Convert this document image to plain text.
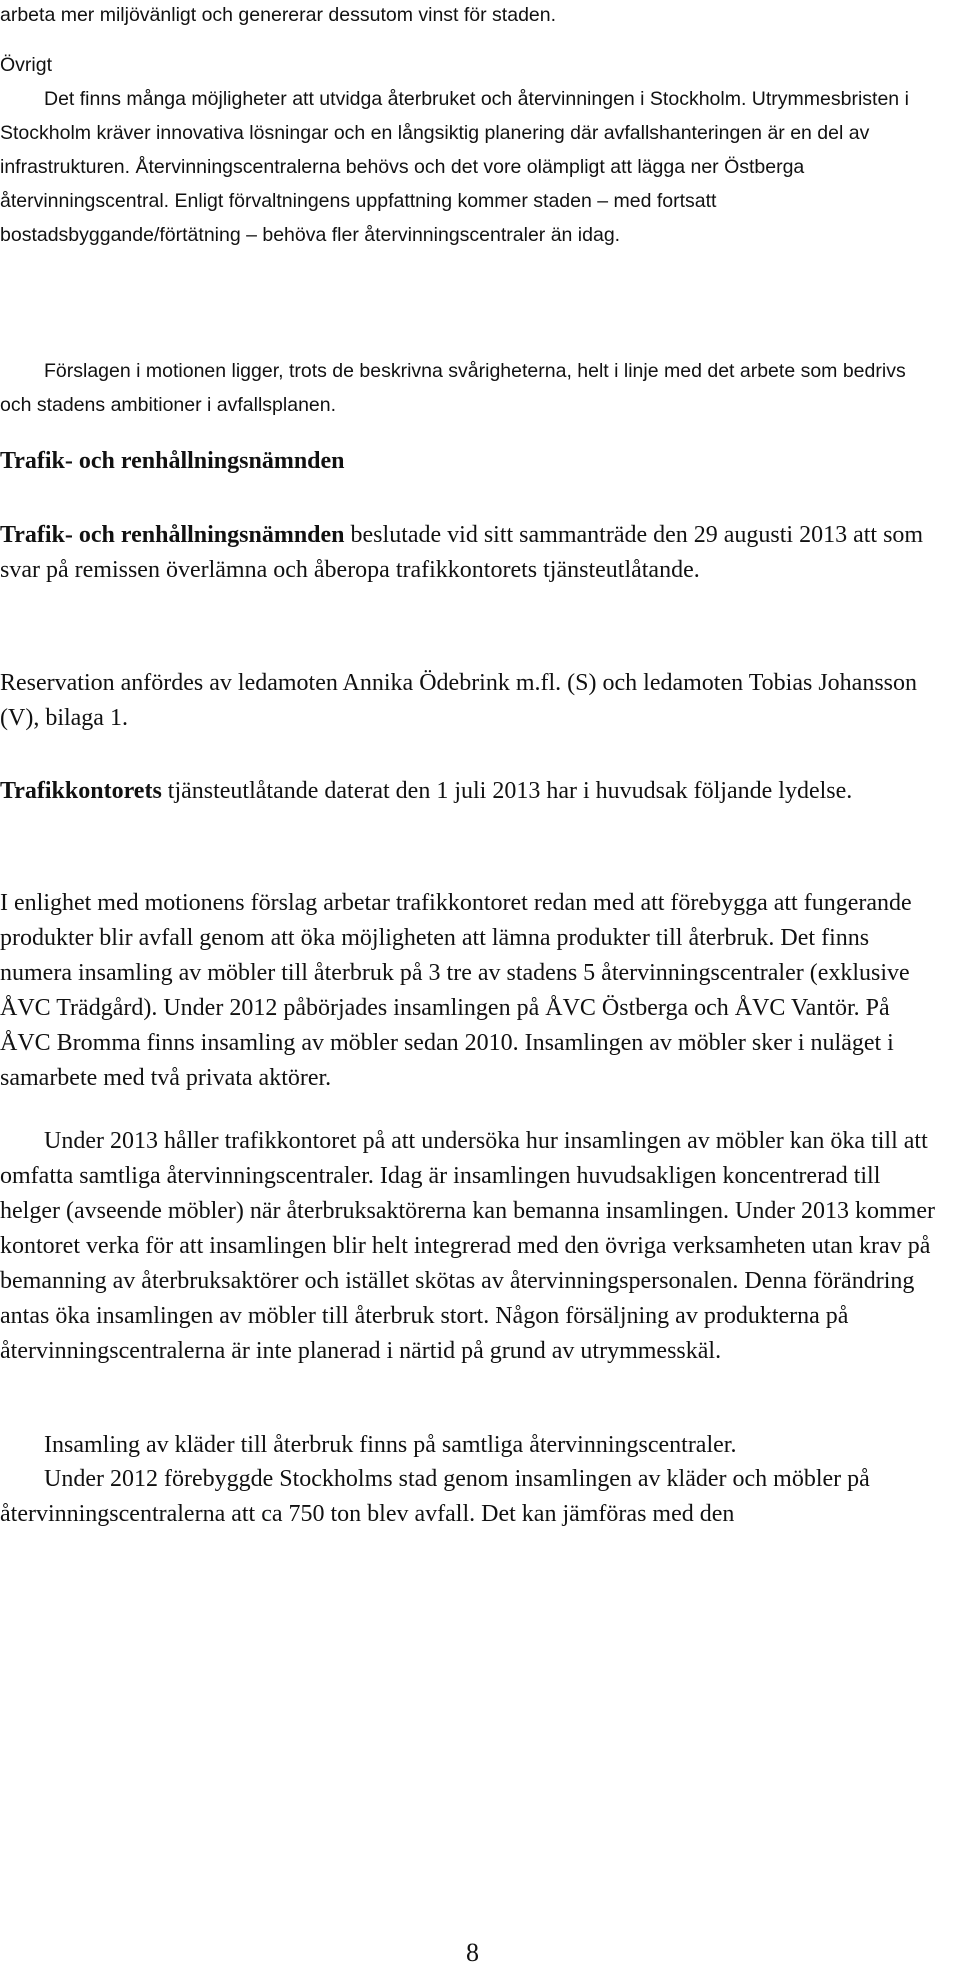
arbeta mer miljövänligt och genererar dessutom vinst för staden.

Övrigt

Det finns många möjligheter att utvidga återbruket och återvinningen i Stockholm. Utrymmesbristen i Stockholm kräver innovativa lösningar och en långsiktig planering där avfallshanteringen är en del av infrastrukturen. Återvinningscentralerna behövs och det vore olämpligt att lägga ner Östberga återvinningscentral. Enligt förvaltningens uppfattning kommer staden – med fortsatt bostadsbyggande/förtätning – behöva fler återvinningscentraler än idag.

Förslagen i motionen ligger, trots de beskrivna svårigheterna, helt i linje med det arbete som bedrivs och stadens ambitioner i avfallsplanen.

Trafik- och renhållningsnämnden

Trafik- och renhållningsnämnden beslutade vid sitt sammanträde den 29 augusti 2013 att som svar på remissen överlämna och åberopa trafikkontorets tjänsteutlåtande.

Reservation anfördes av ledamoten Annika Ödebrink m.fl. (S) och ledamoten Tobias Johansson (V), bilaga 1.

Trafikkontorets tjänsteutlåtande daterat den 1 juli 2013 har i huvudsak följande lydelse.

I enlighet med motionens förslag arbetar trafikkontoret redan med att förebygga att fungerande produkter blir avfall genom att öka möjligheten att lämna produkter till återbruk. Det finns numera insamling av möbler till återbruk på 3 tre av stadens 5 återvinningscentraler (exklusive ÅVC Trädgård). Under 2012 påbörjades insamlingen på ÅVC Östberga och ÅVC Vantör. På ÅVC Bromma finns insamling av möbler sedan 2010. Insamlingen av möbler sker i nuläget i samarbete med två privata aktörer.

Under 2013 håller trafikkontoret på att undersöka hur insamlingen av möbler kan öka till att omfatta samtliga återvinningscentraler. Idag är insamlingen huvudsakligen koncentrerad till helger (avseende möbler) när återbruksaktörerna kan bemanna insamlingen. Under 2013 kommer kontoret verka för att insamlingen blir helt integrerad med den övriga verksamheten utan krav på bemanning av återbruksaktörer och istället skötas av återvinningspersonalen. Denna förändring antas öka insamlingen av möbler till återbruk stort. Någon försäljning av produkterna på återvinningscentralerna är inte planerad i närtid på grund av utrymmesskäl.

Insamling av kläder till återbruk finns på samtliga återvinningscentraler.

Under 2012 förebyggde Stockholms stad genom insamlingen av kläder och möbler på återvinningscentralerna att ca 750 ton blev avfall. Det kan jämföras med den

8
